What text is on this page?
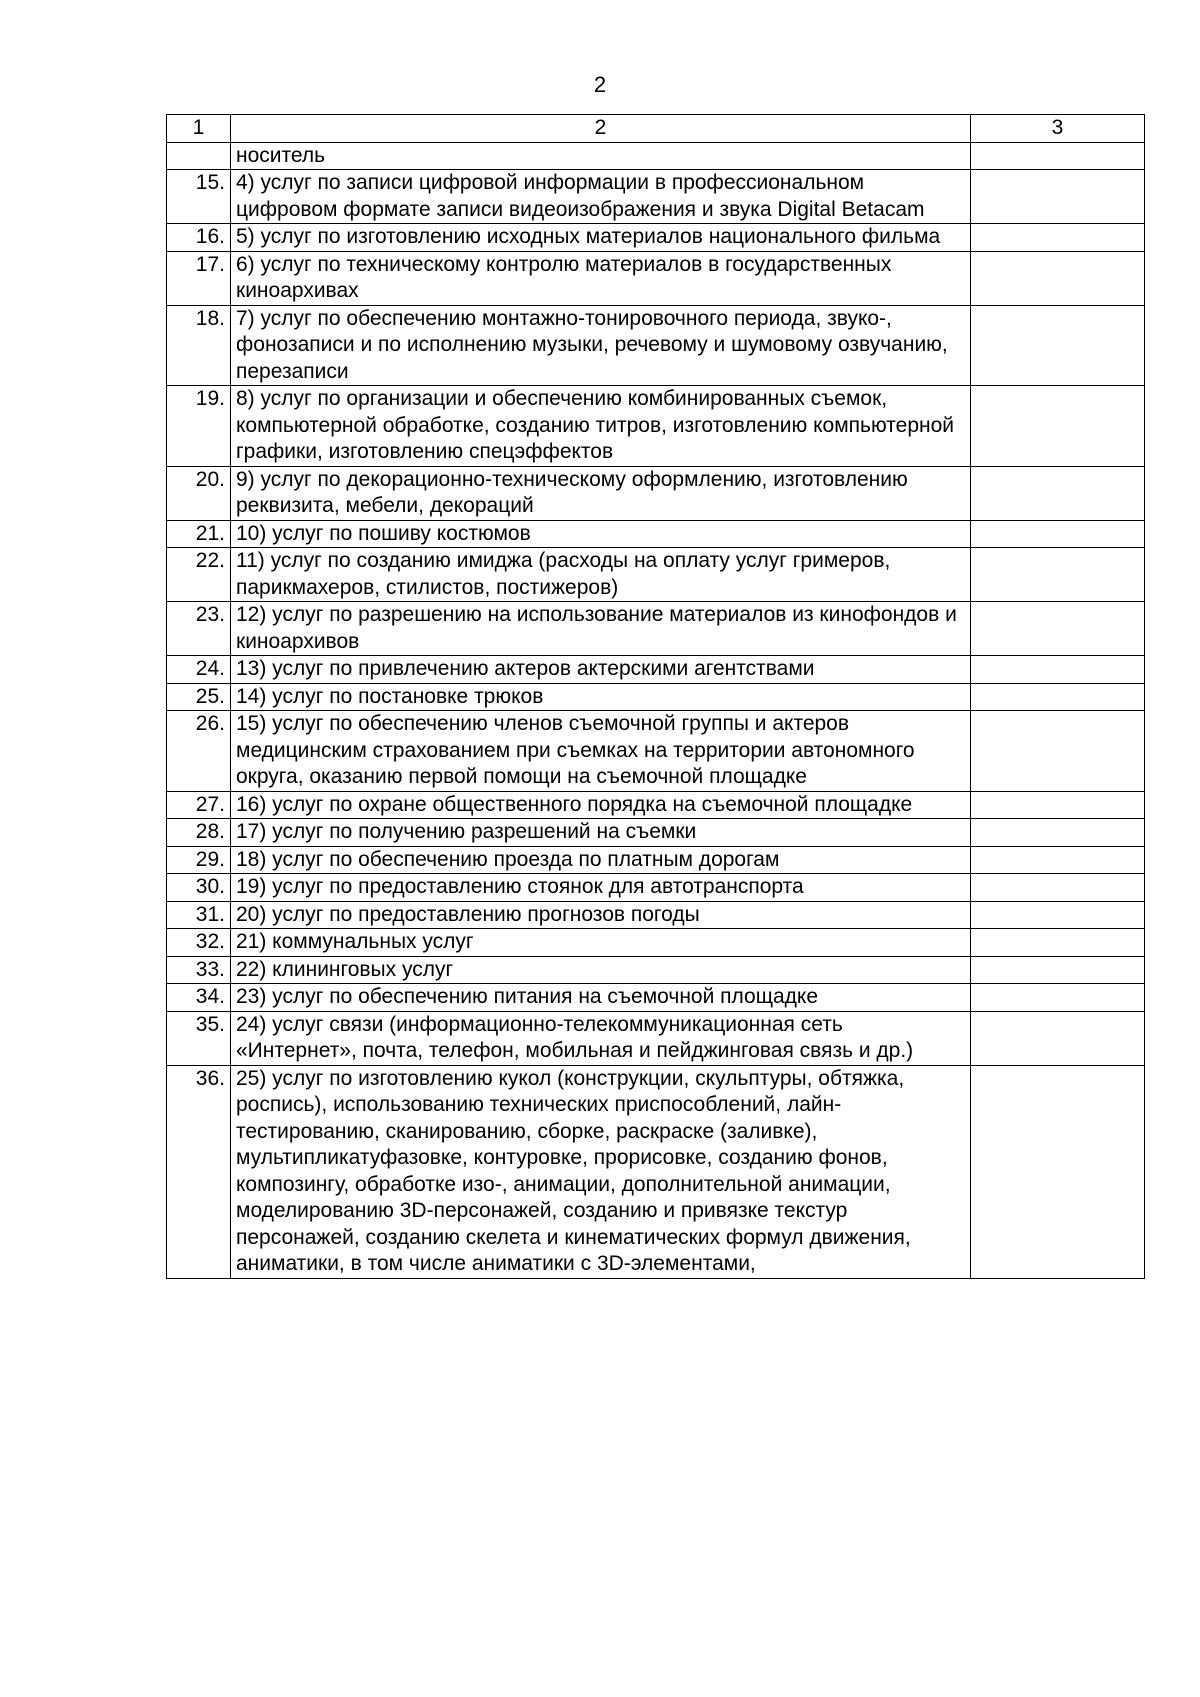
2
1	2	3
	носитель	
15.	4) услуг по записи цифровой информации в профессиональном цифровом формате записи видеоизображения и звука Digital Betacam	
16.	5) услуг по изготовлению исходных материалов национального фильма	
17.	6) услуг по техническому контролю материалов в государственных киноархивах	
18.	7) услуг по обеспечению монтажно-тонировочного периода, звуко-, фонозаписи и по исполнению музыки, речевому и шумовому озвучанию, перезаписи	
19.	8) услуг по организации и обеспечению комбинированных съемок, компьютерной обработке, созданию титров, изготовлению компьютерной графики, изготовлению спецэффектов	
20.	9) услуг по декорационно-техническому оформлению, изготовлению реквизита, мебели, декораций	
21.	10) услуг по пошиву костюмов	
22.	11) услуг по созданию имиджа (расходы на оплату услуг гримеров, парикмахеров, стилистов, постижеров)	
23.	12) услуг по разрешению на использование материалов из кинофондов и киноархивов	
24.	13) услуг по привлечению актеров актерскими агентствами	
25.	14) услуг по постановке трюков	
26.	15) услуг по обеспечению членов съемочной группы и актеров медицинским страхованием при съемках на территории автономного округа, оказанию первой помощи на съемочной площадке	
27.	16) услуг по охране общественного порядка на съемочной площадке	
28.	17) услуг по получению разрешений на съемки	
29.	18) услуг по обеспечению проезда по платным дорогам	
30.	19) услуг по предоставлению стоянок для автотранспорта	
31.	20) услуг по предоставлению прогнозов погоды	
32.	21) коммунальных услуг	
33.	22) клининговых услуг	
34.	23) услуг по обеспечению питания на съемочной площадке	
35.	24) услуг связи (информационно-телекоммуникационная сеть «Интернет», почта, телефон, мобильная и пейджинговая связь и др.)	
36.	25) услуг по изготовлению кукол (конструкции, скульптуры, обтяжка, роспись), использованию технических приспособлений, лайн-тестированию, сканированию, сборке, раскраске (заливке), мультипликатуфазовке, контуровке, прорисовке, созданию фонов, композингу, обработке изо-, анимации, дополнительной анимации, моделированию 3D-персонажей, созданию и привязке текстур персонажей, созданию скелета и кинематических формул движения, аниматики, в том числе аниматики с 3D-элементами,	
